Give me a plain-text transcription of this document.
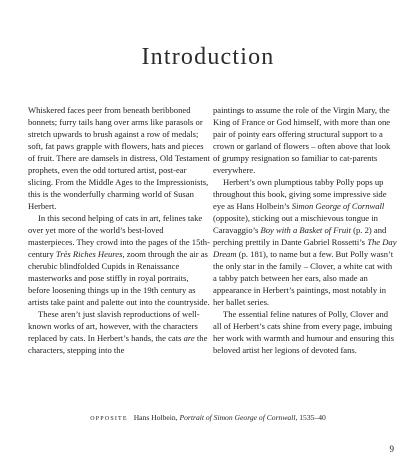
Introduction

Whiskered faces peer from beneath beribboned bonnets; furry tails hang over arms like parasols or stretch upwards to brush against a row of medals; soft, fat paws grapple with flowers, hats and pieces of fruit. There are damsels in distress, Old Testament prophets, even the odd tortured artist, post-ear slicing. From the Middle Ages to the Impressionists, this is the wonderfully charming world of Susan Herbert.

In this second helping of cats in art, felines take over yet more of the world’s best-loved masterpieces. They crowd into the pages of the 15th-century Très Riches Heures, zoom through the air as cherubic blindfolded Cupids in Renaissance masterworks and pose stiffly in royal portraits, before loosening things up in the 19th century as artists take paint and palette out into the countryside.

These aren’t just slavish reproductions of well-known works of art, however, with the characters replaced by cats. In Herbert’s hands, the cats are the characters, stepping into the

paintings to assume the role of the Virgin Mary, the King of France or God himself, with more than one pair of pointy ears offering structural support to a crown or garland of flowers – often above that look of grumpy resignation so familiar to cat-parents everywhere.

Herbert’s own plumptious tabby Polly pops up throughout this book, giving some impressive side eye as Hans Holbein’s Simon George of Cornwall (opposite), sticking out a mischievous tongue in Caravaggio’s Boy with a Basket of Fruit (p. 2) and perching prettily in Dante Gabriel Rossetti’s The Day Dream (p. 181), to name but a few. But Polly wasn’t the only star in the family – Clover, a white cat with a tabby patch between her ears, also made an appearance in Herbert’s paintings, most notably in her ballet series.

The essential feline natures of Polly, Clover and all of Herbert’s cats shine from every page, imbuing her work with warmth and humour and ensuring this beloved artist her legions of devoted fans.

OPPOSITE Hans Holbein, Portrait of Simon George of Cornwall, 1535–40
9
